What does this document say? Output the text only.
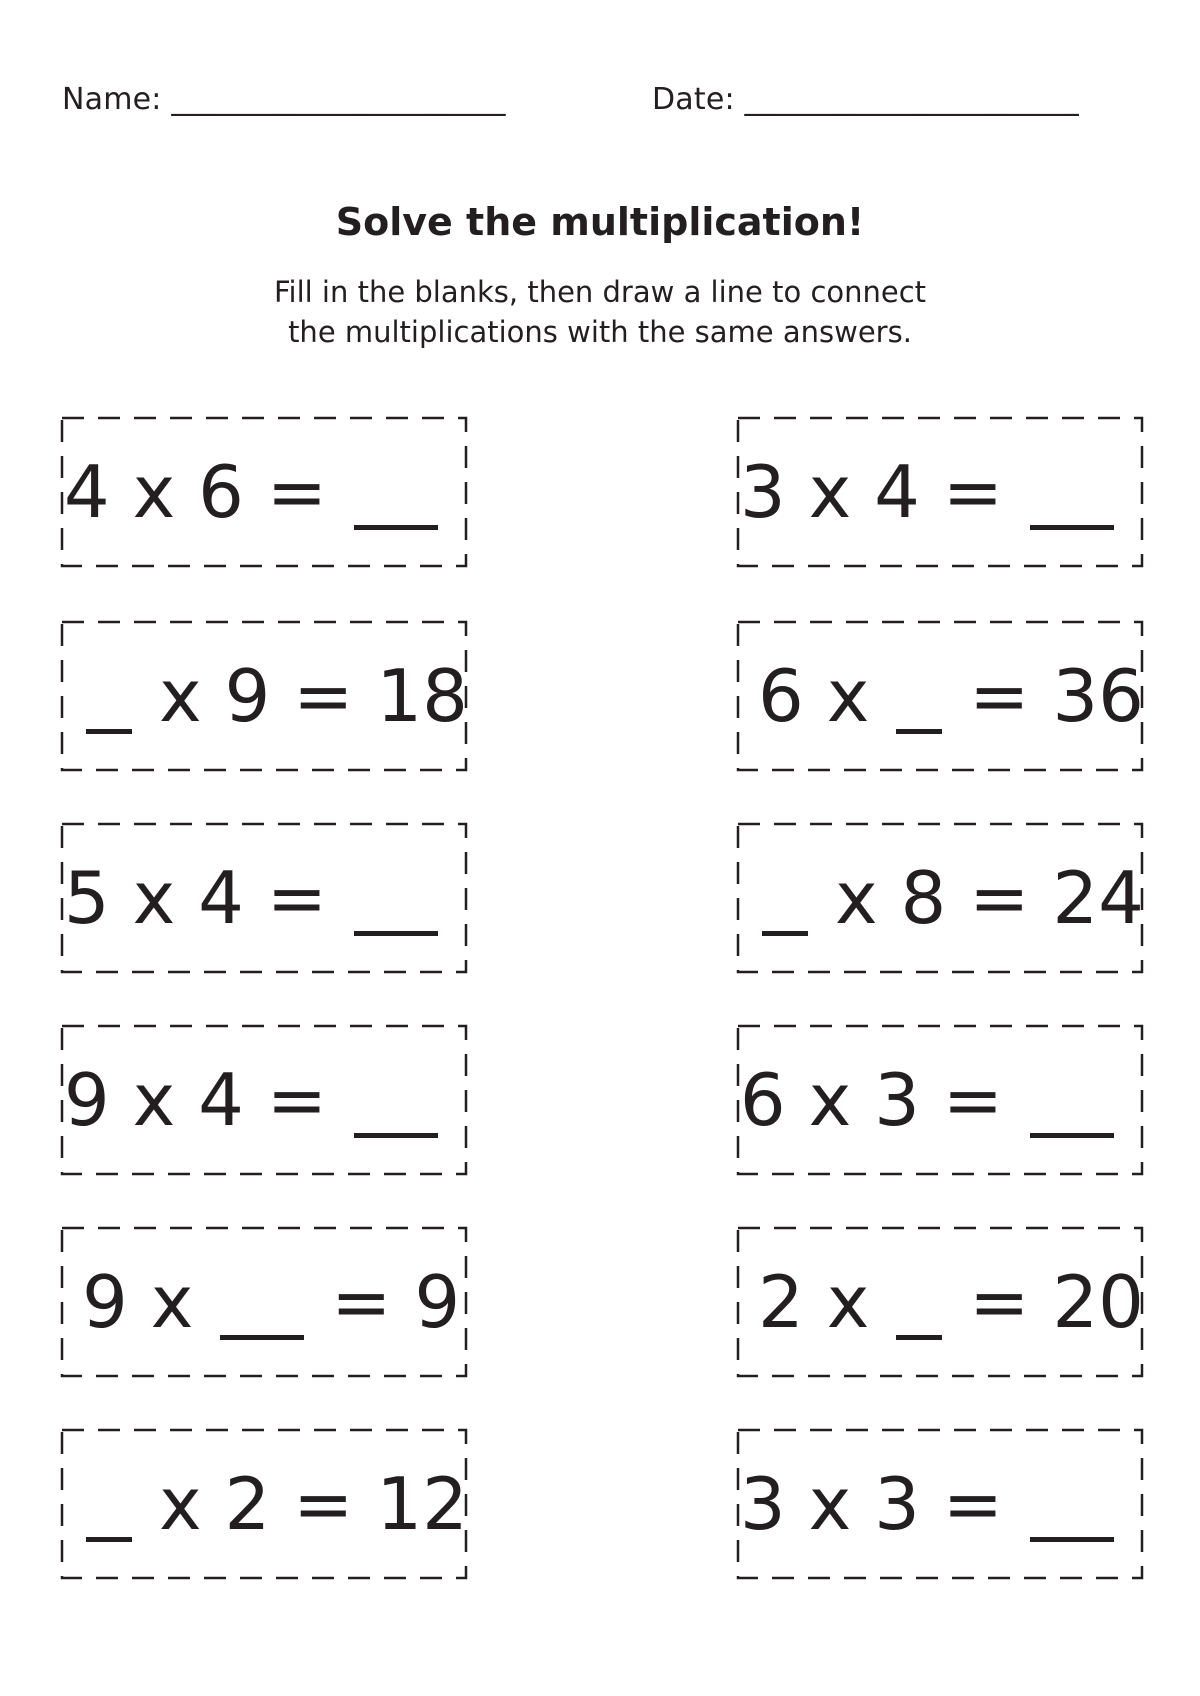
Name: ______________________	Date: ______________________
Solve the multiplication!
Fill in the blanks, then draw a line to connect
the multiplications with the same answers.
4 x 6 =
x 9 = 18
5 x 4 =
9 x 4 =
9 x = 9
x 2 = 12
3 x 4 =
6 x = 36
x 8 = 24
6 x 3 =
2 x = 20
3 x 3 =
